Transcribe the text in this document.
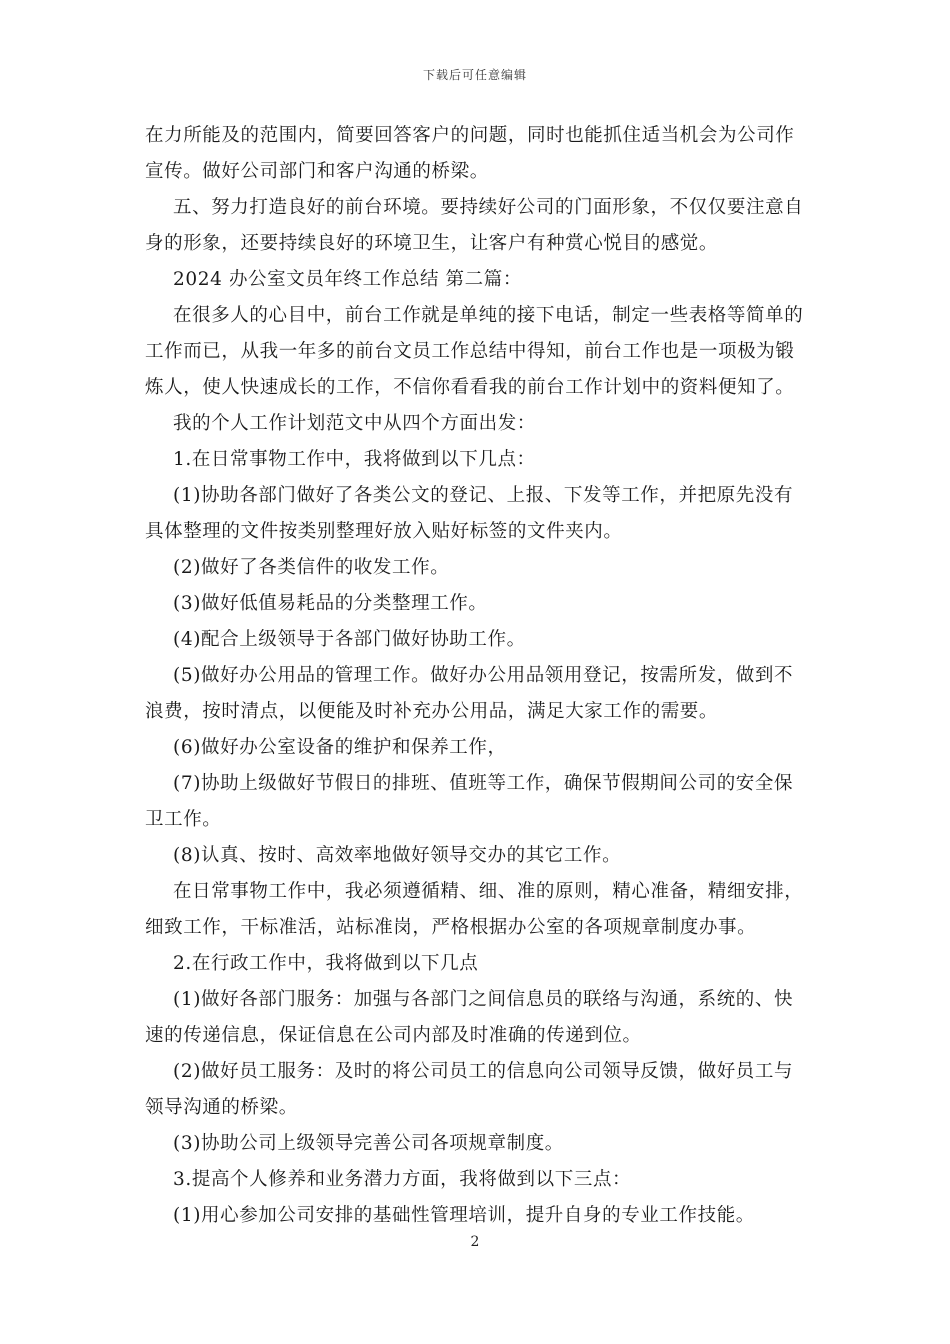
下载后可任意编辑

在力所能及的范围内，简要回答客户的问题，同时也能抓住适当机会为公司作

宣传。做好公司部门和客户沟通的桥梁。

五、努力打造良好的前台环境。要持续好公司的门面形象，不仅仅要注意自

身的形象，还要持续良好的环境卫生，让客户有种赏心悦目的感觉。

2024 办公室文员年终工作总结 第二篇：

在很多人的心目中，前台工作就是单纯的接下电话，制定一些表格等简单的

工作而已，从我一年多的前台文员工作总结中得知，前台工作也是一项极为锻

炼人，使人快速成长的工作，不信你看看我的前台工作计划中的资料便知了。

我的个人工作计划范文中从四个方面出发：

1.在日常事物工作中，我将做到以下几点：

(1)协助各部门做好了各类公文的登记、上报、下发等工作，并把原先没有

具体整理的文件按类别整理好放入贴好标签的文件夹内。

(2)做好了各类信件的收发工作。

(3)做好低值易耗品的分类整理工作。

(4)配合上级领导于各部门做好协助工作。

(5)做好办公用品的管理工作。做好办公用品领用登记，按需所发，做到不

浪费，按时清点，以便能及时补充办公用品，满足大家工作的需要。

(6)做好办公室设备的维护和保养工作，

(7)协助上级做好节假日的排班、值班等工作，确保节假期间公司的安全保

卫工作。

(8)认真、按时、高效率地做好领导交办的其它工作。

在日常事物工作中，我必须遵循精、细、准的原则，精心准备，精细安排，

细致工作，干标准活，站标准岗，严格根据办公室的各项规章制度办事。

2.在行政工作中，我将做到以下几点

(1)做好各部门服务：加强与各部门之间信息员的联络与沟通，系统的、快

速的传递信息，保证信息在公司内部及时准确的传递到位。

(2)做好员工服务：及时的将公司员工的信息向公司领导反馈，做好员工与

领导沟通的桥梁。

(3)协助公司上级领导完善公司各项规章制度。

3.提高个人修养和业务潜力方面，我将做到以下三点：

(1)用心参加公司安排的基础性管理培训，提升自身的专业工作技能。

2
